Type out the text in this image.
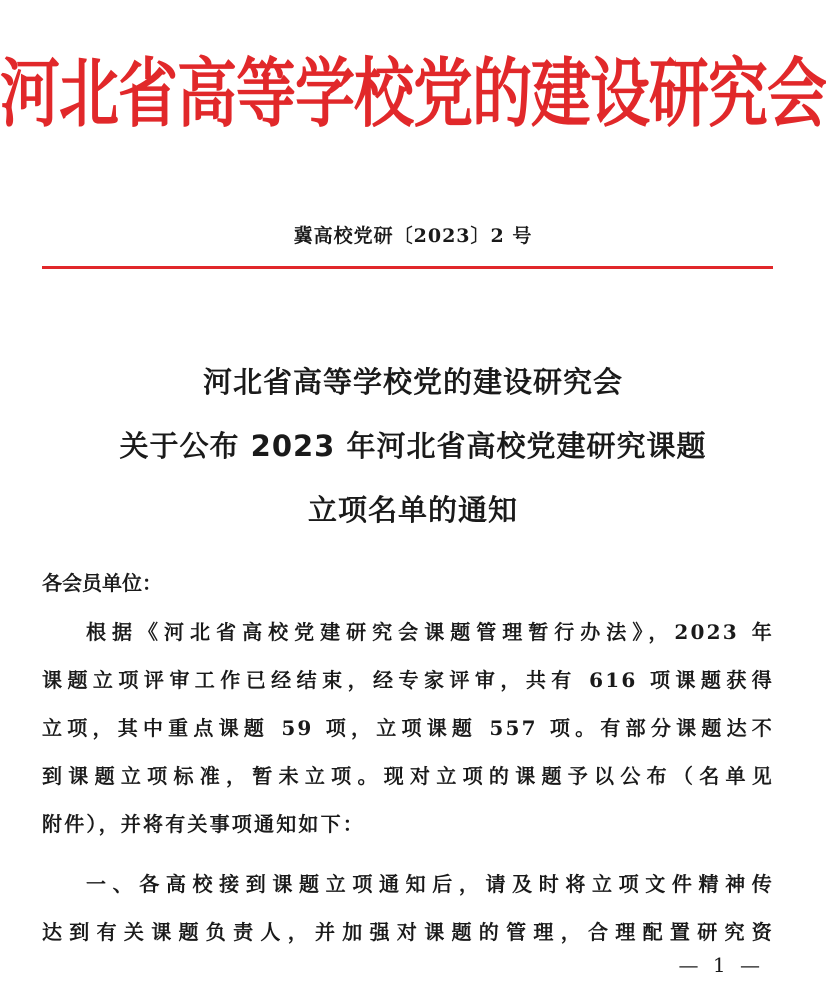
河北省高等学校党的建设研究会
冀高校党研〔2023〕2 号
河北省高等学校党的建设研究会
关于公布 2023 年河北省高校党建研究课题
立项名单的通知
各会员单位：
根据《河北省高校党建研究会课题管理暂行办法》，2023 年
课题立项评审工作已经结束，经专家评审，共有 616 项课题获得
立项，其中重点课题 59 项，立项课题 557 项。有部分课题达不
到课题立项标准，暂未立项。现对立项的课题予以公布（名单见
附件），并将有关事项通知如下：
一、各高校接到课题立项通知后，请及时将立项文件精神传
达到有关课题负责人，并加强对课题的管理，合理配置研究资
— 1 —
